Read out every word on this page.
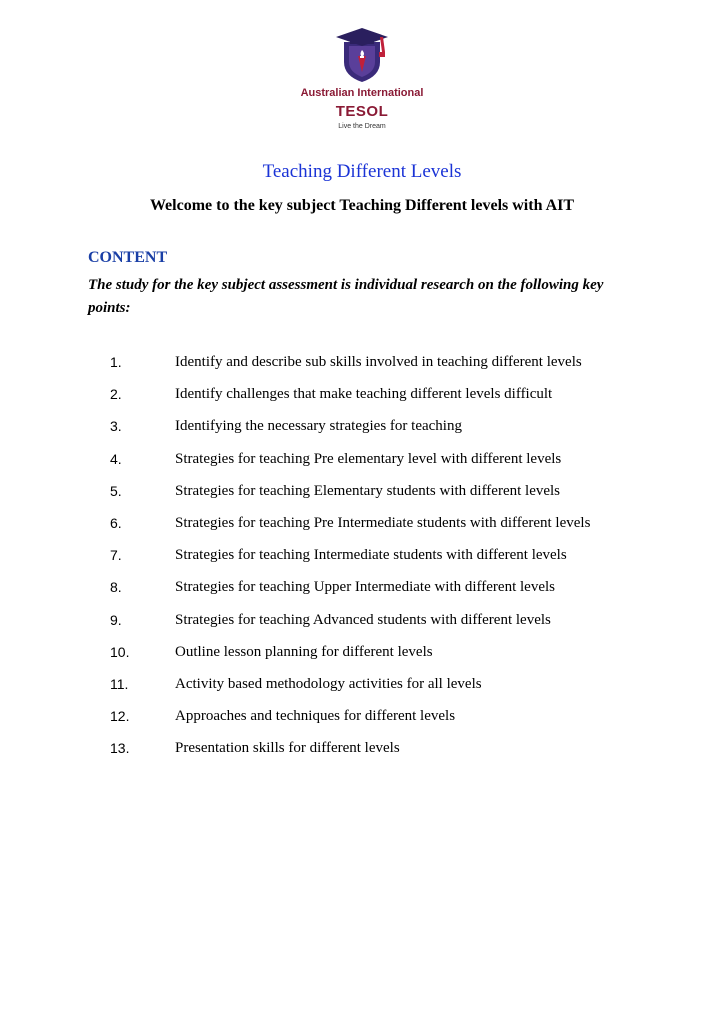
Australian International
TESOL
Live the Dream
Teaching Different Levels
Welcome to the key subject Teaching Different levels with AIT
CONTENT

The study for the key subject assessment is individual research on the following key points:

1.	Identify and describe sub skills involved in teaching different levels
2.	Identify challenges that make teaching different levels difficult
3.	Identifying the necessary strategies for teaching
4.	Strategies for teaching Pre elementary level with different levels
5.	Strategies for teaching Elementary students with different levels
6.	Strategies for teaching Pre Intermediate students with different levels
7.	Strategies for teaching Intermediate students with different levels
8.	Strategies for teaching Upper Intermediate with different levels
9.	Strategies for teaching Advanced students with different levels
10.	Outline lesson planning for different levels
11.	Activity based methodology activities for all levels
12.	Approaches and techniques for different levels
13.	Presentation skills for different levels
